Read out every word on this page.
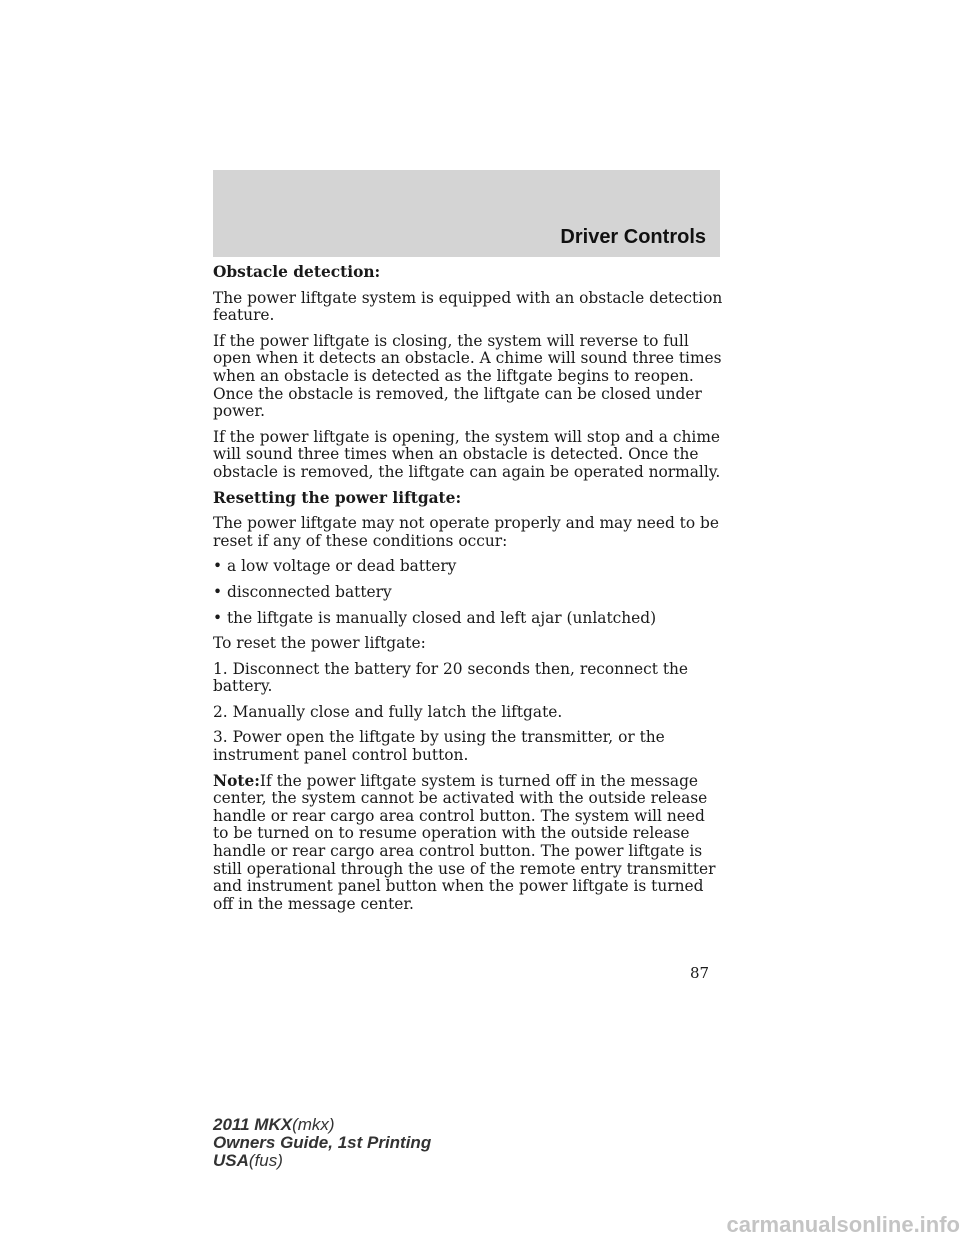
Driver Controls
Obstacle detection:
The power liftgate system is equipped with an obstacle detection feature.
If the power liftgate is closing, the system will reverse to full open when it detects an obstacle. A chime will sound three times when an obstacle is detected as the liftgate begins to reopen. Once the obstacle is removed, the liftgate can be closed under power.
If the power liftgate is opening, the system will stop and a chime will sound three times when an obstacle is detected. Once the obstacle is removed, the liftgate can again be operated normally.
Resetting the power liftgate:
The power liftgate may not operate properly and may need to be reset if any of these conditions occur:
• a low voltage or dead battery
• disconnected battery
• the liftgate is manually closed and left ajar (unlatched)
To reset the power liftgate:
1. Disconnect the battery for 20 seconds then, reconnect the battery.
2. Manually close and fully latch the liftgate.
3. Power open the liftgate by using the transmitter, or the instrument panel control button.
Note:If the power liftgate system is turned off in the message center, the system cannot be activated with the outside release handle or rear cargo area control button. The system will need to be turned on to resume operation with the outside release handle or rear cargo area control button. The power liftgate is still operational through the use of the remote entry transmitter and instrument panel button when the power liftgate is turned off in the message center.
87
2011 MKX(mkx)
Owners Guide, 1st Printing
USA(fus)
carmanualsonline.info
